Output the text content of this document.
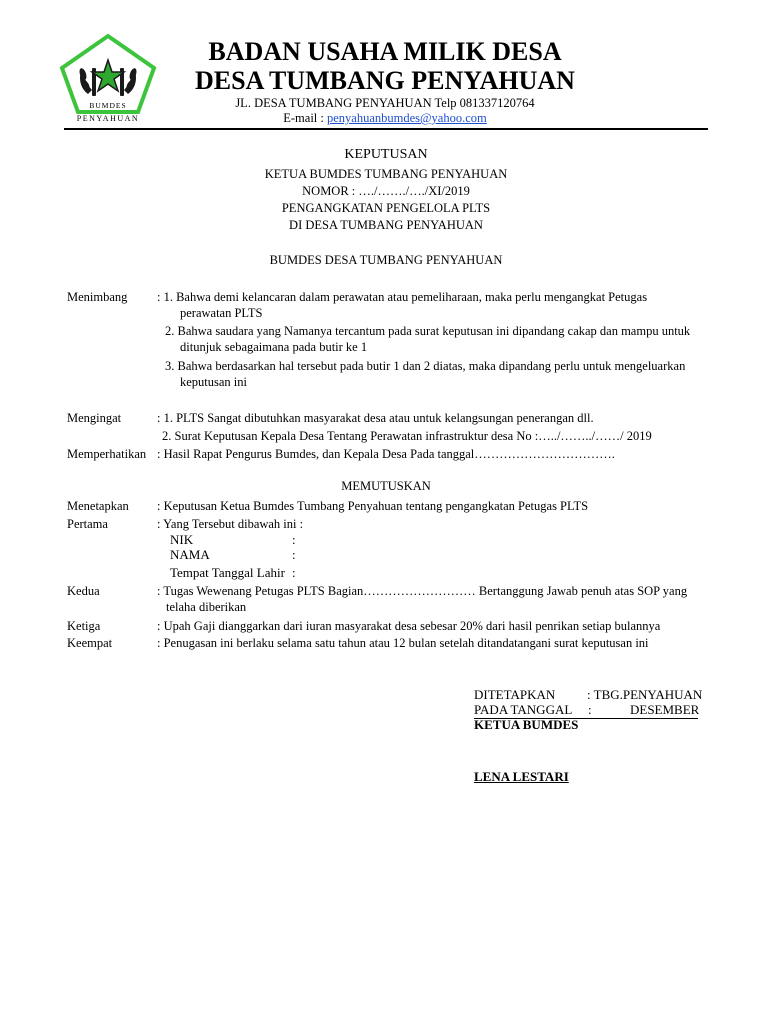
BUMDES
PENYAHUAN
BADAN USAHA MILIK DESA
DESA TUMBANG PENYAHUAN
JL. DESA TUMBANG PENYAHUAN Telp 081337120764
E-mail : penyahuanbumdes@yahoo.com
KEPUTUSAN
KETUA BUMDES TUMBANG PENYAHUAN
NOMOR : …./……./…./XI/2019
PENGANGKATAN PENGELOLA PLTS
DI DESA TUMBANG PENYAHUAN
BUMDES DESA TUMBANG PENYAHUAN
Menimbang : 1. Bahwa demi kelancaran dalam perawatan atau pemeliharaan, maka perlu mengangkat Petugas
perawatan PLTS
2. Bahwa saudara yang Namanya tercantum pada surat keputusan ini dipandang cakap dan mampu untuk
ditunjuk sebagaimana pada butir ke 1
3. Bahwa berdasarkan hal tersebut pada butir 1 dan 2 diatas, maka dipandang perlu untuk mengeluarkan
keputusan ini
Mengingat	: 1. PLTS Sangat dibutuhkan masyarakat desa atau untuk kelangsungan penerangan dll.
2. Surat Keputusan Kepala Desa Tentang Perawatan infrastruktur desa No :…../……../……/ 2019
Memperhatikan : Hasil Rapat Pengurus Bumdes, dan Kepala Desa Pada tanggal…………………………….
MEMUTUSKAN
Menetapkan : Keputusan Ketua Bumdes Tumbang Penyahuan tentang pengangkatan Petugas PLTS
Pertama	: Yang Tersebut dibawah ini :
NIK	:
NAMA	:
Tempat Tanggal Lahir :
Kedua	: Tugas Wewenang Petugas PLTS Bagian……………………… Bertanggung Jawab penuh atas SOP yang
telaha diberikan
Ketiga	: Upah Gaji dianggarkan dari iuran masyarakat desa sebesar 20% dari hasil penrikan setiap bulannya
Keempat	: Penugasan ini berlaku selama satu tahun atau 12 bulan setelah ditandatangani surat keputusan ini
DITETAPKAN : TBG.PENYAHUAN
PADA TANGGAL :	DESEMBER
KETUA BUMDES
LENA LESTARI
